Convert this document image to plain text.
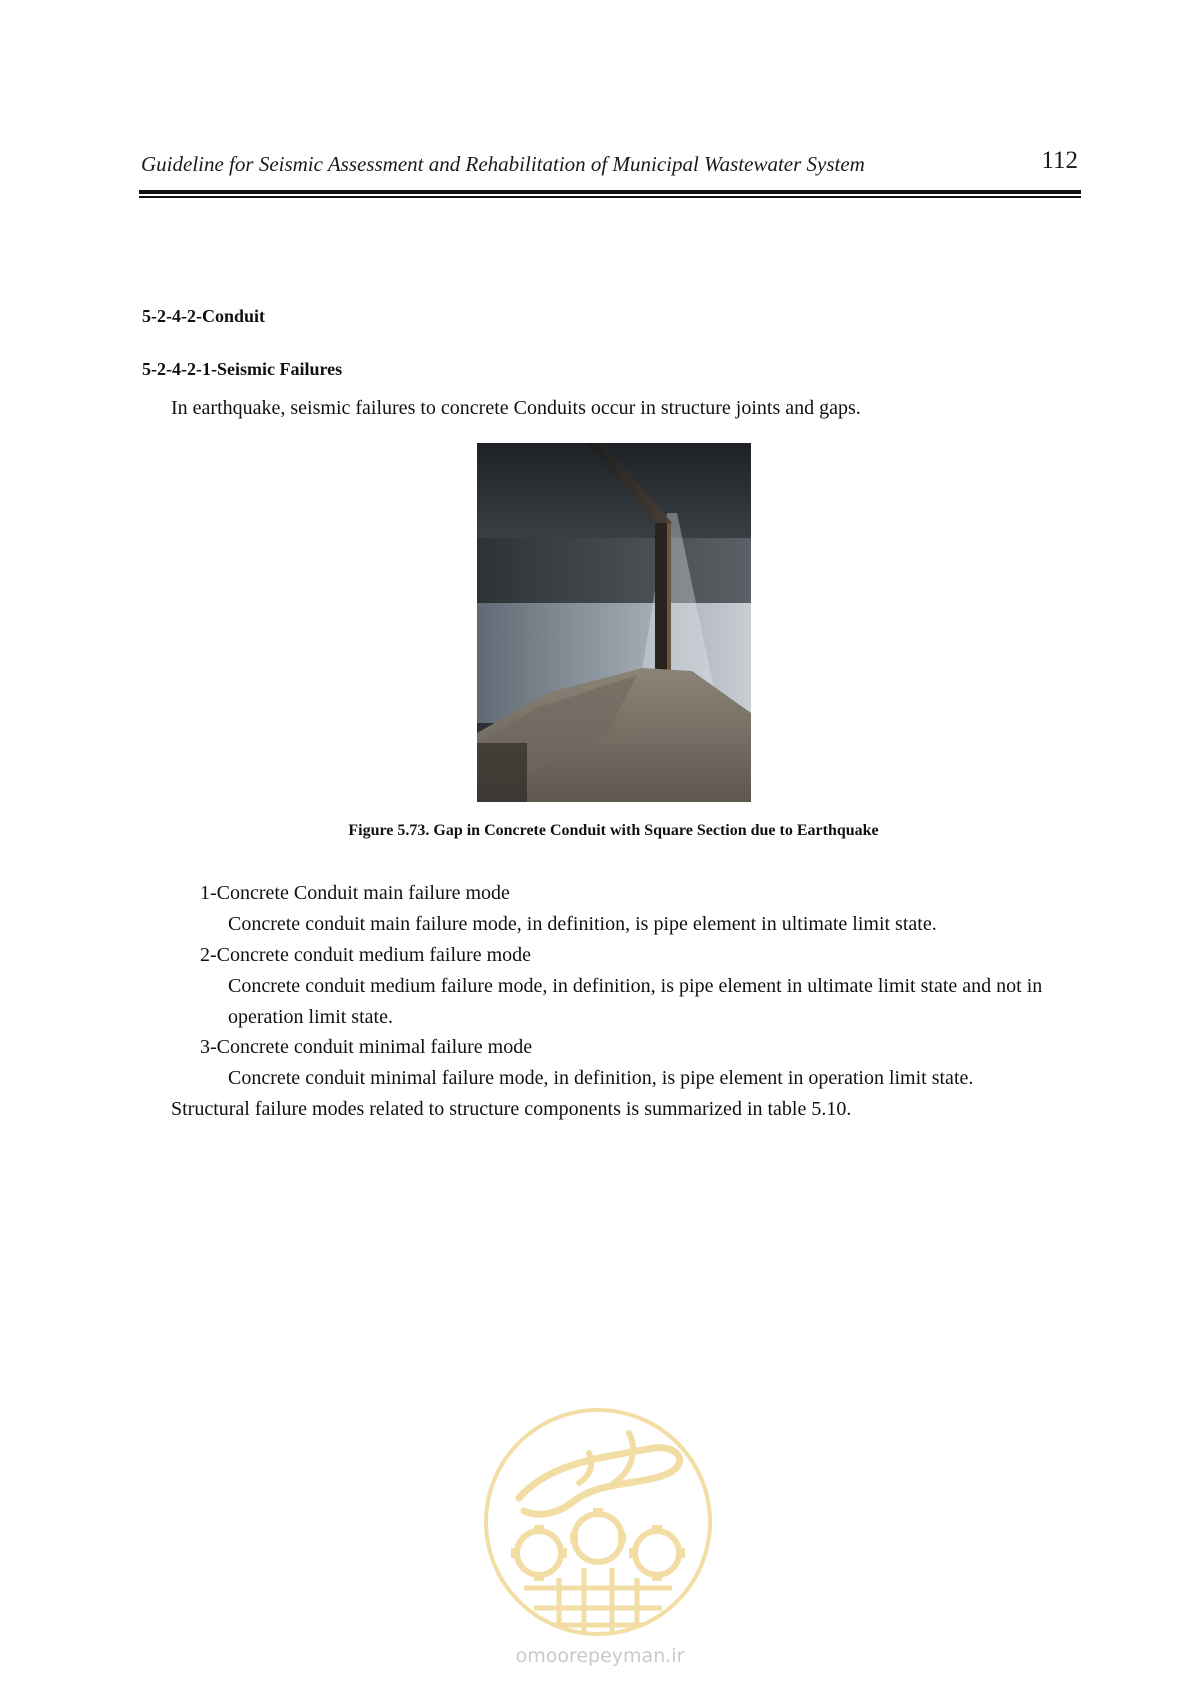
Guideline for Seismic Assessment and Rehabilitation of Municipal Wastewater System	112
5-2-4-2-Conduit
5-2-4-2-1-Seismic Failures
In earthquake, seismic failures to concrete Conduits occur in structure joints and gaps.
Figure 5.73. Gap in Concrete Conduit with Square Section due to Earthquake
1-Concrete Conduit main failure mode
Concrete conduit main failure mode, in definition, is pipe element in ultimate limit state.
2-Concrete conduit medium failure mode
Concrete conduit medium failure mode, in definition, is pipe element in ultimate limit state and not in operation limit state.
3-Concrete conduit minimal failure mode
Concrete conduit minimal failure mode, in definition, is pipe element in operation limit state.
Structural failure modes related to structure components is summarized in table 5.10.
omoorepeyman.ir
